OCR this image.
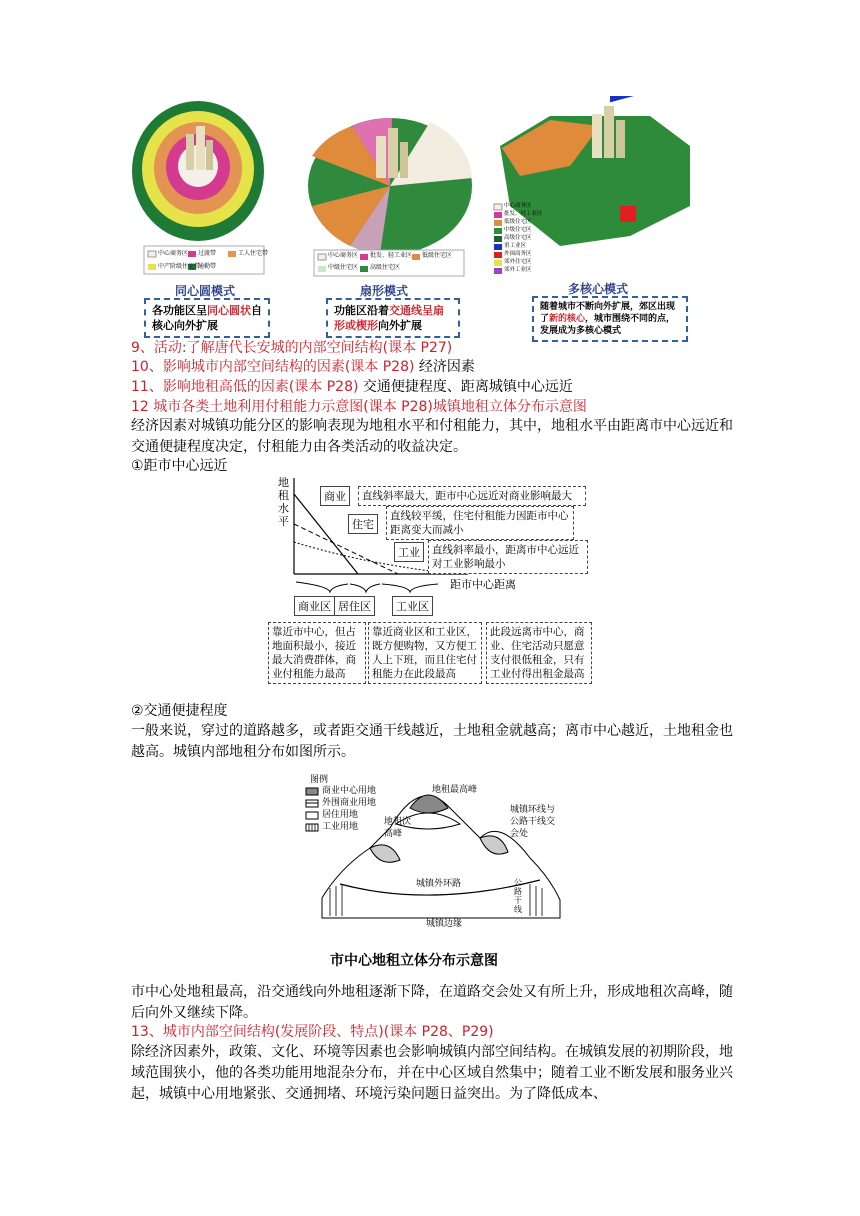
中心商务区 过渡带	工人住宅带
中产阶级住宅带
通勤带
中心商务区 批发、轻工业区 低级住宅区
中级住宅区 高级住宅区
中心商务区
批发、轻工业区
低级住宅区
中级住宅区
高级住宅区
重工业区
外围商务区
郊外住宅区
郊外工业区
同心圆模式
各功能区呈同心圆状自核心向外扩展
扇形模式
功能区沿着交通线呈扇形或楔形向外扩展
多核心模式
随着城市不断向外扩展，郊区出现了新的核心，城市围绕不同的点，发展成为多核心模式
9、活动:了解唐代长安城的内部空间结构(课本 P27)
10、影响城市内部空间结构的因素(课本 P28) 经济因素
11、影响地租高低的因素(课本 P28) 交通便捷程度、距离城镇中心远近
12 城市各类土地利用付租能力示意图(课本 P28)城镇地租立体分布示意图
经济因素对城镇功能分区的影响表现为地租水平和付租能力，其中，地租水平由距离市中心远近和交通便捷程度决定，付租能力由各类活动的收益决定。
①距市中心远近
地租水平
距市中心距离
商业	直线斜率最大，距市中心远近对商业影响最大
住宅
直线较平缓，住宅付租能力因距市中心距离变大而减小
工业	直线斜率最小，距离市中心远近对工业影响最小
商业区 居住区	工业区
靠近市中心，但占地面积最小，接近最大消费群体，商业付租能力最高
靠近商业区和工业区，既方便购物，又方便工人上下班，而且住宅付租能力在此段最高
此段远离市中心，商业、住宅活动只愿意支付很低租金，只有工业付得出租金最高
②交通便捷程度
一般来说，穿过的道路越多，或者距交通干线越近，土地租金就越高；离市中心越近，土地租金也越高。城镇内部地租分布如图所示。
图例
商业中心用地
外围商业用地
居住用地
工业用地
地租最高峰
地租次高峰
城镇环线与公路干线交会处
城镇外环路	公路干线
城镇边缘
市中心地租立体分布示意图
市中心处地租最高，沿交通线向外地租逐渐下降，在道路交会处又有所上升，形成地租次高峰，随后向外又继续下降。
13、城市内部空间结构(发展阶段、特点)(课本 P28、P29)
除经济因素外，政策、文化、环境等因素也会影响城镇内部空间结构。在城镇发展的初期阶段，地域范围狭小，他的各类功能用地混杂分布，并在中心区域自然集中；随着工业不断发展和服务业兴起，城镇中心用地紧张、交通拥堵、环境污染问题日益突出。为了降低成本、
